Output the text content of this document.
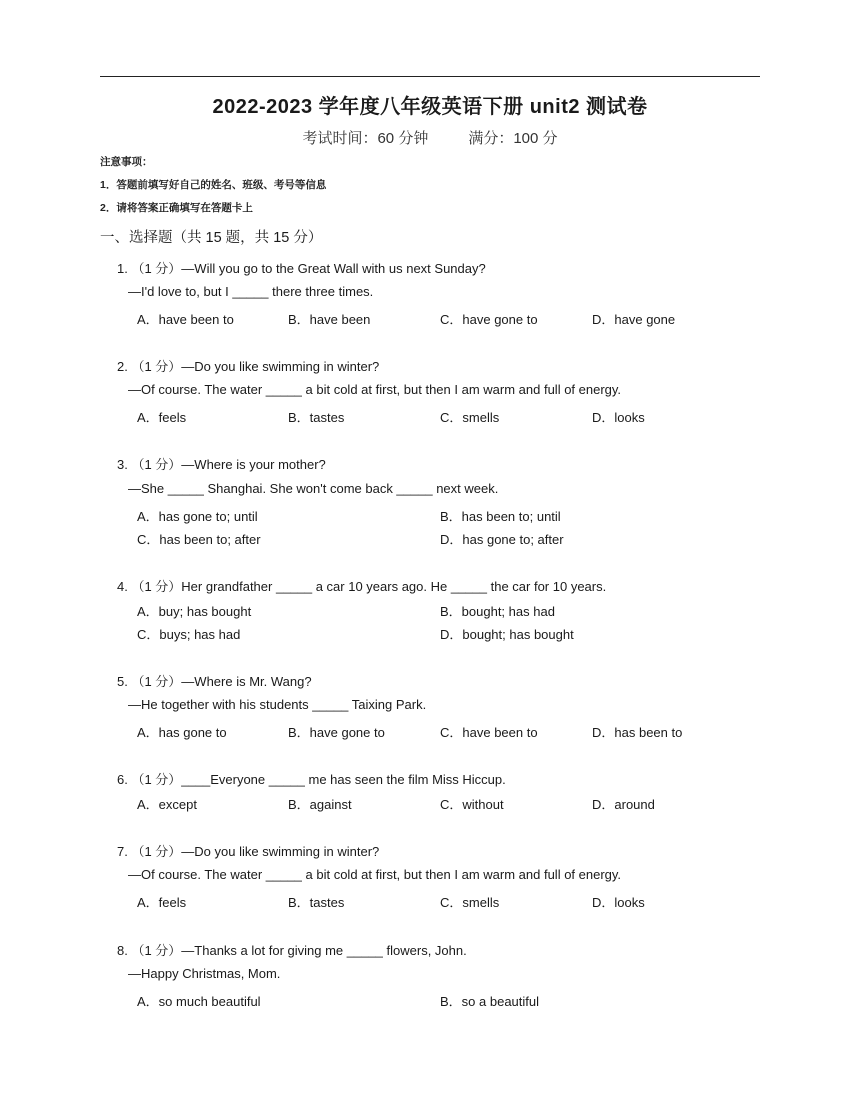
2022-2023 学年度八年级英语下册 unit2 测试卷
考试时间：60 分钟	满分：100 分
注意事项：
1．答题前填写好自己的姓名、班级、考号等信息
2．请将答案正确填写在答题卡上
一、选择题（共 15 题，共 15 分）
1. （1 分）—Will you go to the Great Wall with us next Sunday?
—I'd love to, but I _____ there three times.
A．have been to	B．have been	C．have gone to	D．have gone
2. （1 分）—Do you like swimming in winter?
—Of course. The water _____ a bit cold at first, but then I am warm and full of energy.
A．feels	B．tastes	C．smells	D．looks
3. （1 分）—Where is your mother?
—She _____ Shanghai. She won't come back _____ next week.
A．has gone to; until	B．has been to; until
C．has been to; after	D．has gone to; after
4. （1 分）Her grandfather _____ a car 10 years ago. He _____ the car for 10 years.
A．buy; has bought	B．bought; has had
C．buys; has had	D．bought; has bought
5. （1 分）—Where is Mr. Wang?
—He together with his students _____ Taixing Park.
A．has gone to	B．have gone to	C．have been to	D．has been to
6. （1 分）____Everyone _____ me has seen the film Miss Hiccup.
A．except	B．against	C．without	D．around
7. （1 分）—Do you like swimming in winter?
—Of course. The water _____ a bit cold at first, but then I am warm and full of energy.
A．feels	B．tastes	C．smells	D．looks
8. （1 分）—Thanks a lot for giving me _____ flowers, John.
—Happy Christmas, Mom.
A．so much beautiful	B．so a beautiful
